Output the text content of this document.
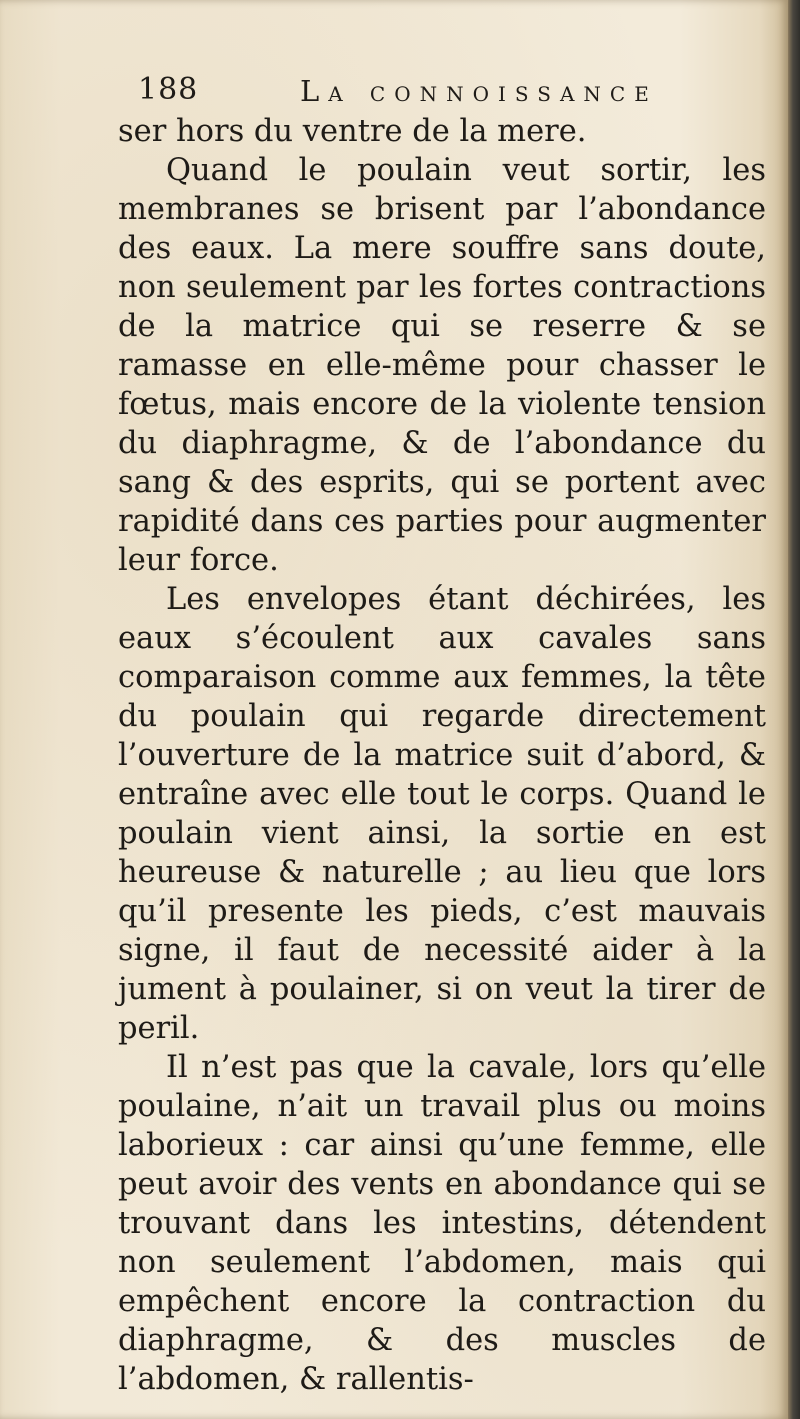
188	La connoissance

ser hors du ventre de la mere.

Quand le poulain veut sortir, les membranes se brisent par l’abondance des eaux. La mere souffre sans doute, non seulement par les fortes contractions de la matrice qui se reserre & se ramasse en elle-même pour chasser le fœtus, mais encore de la violente tension du diaphragme, & de l’abondance du sang & des esprits, qui se portent avec rapidité dans ces parties pour augmenter leur force.

Les envelopes étant déchirées, les eaux s’écoulent aux cavales sans comparaison comme aux femmes, la tête du poulain qui regarde directement l’ouverture de la matrice suit d’abord, & entraîne avec elle tout le corps. Quand le poulain vient ainsi, la sortie en est heureuse & naturelle ; au lieu que lors qu’il presente les pieds, c’est mauvais signe, il faut de necessité aider à la jument à poulainer, si on veut la tirer de peril.

Il n’est pas que la cavale, lors qu’elle poulaine, n’ait un travail plus ou moins laborieux : car ainsi qu’une femme, elle peut avoir des vents en abondance qui se trouvant dans les intestins, détendent non seulement l’abdomen, mais qui empêchent encore la contraction du diaphragme, & des muscles de l’abdomen, & rallentis-
